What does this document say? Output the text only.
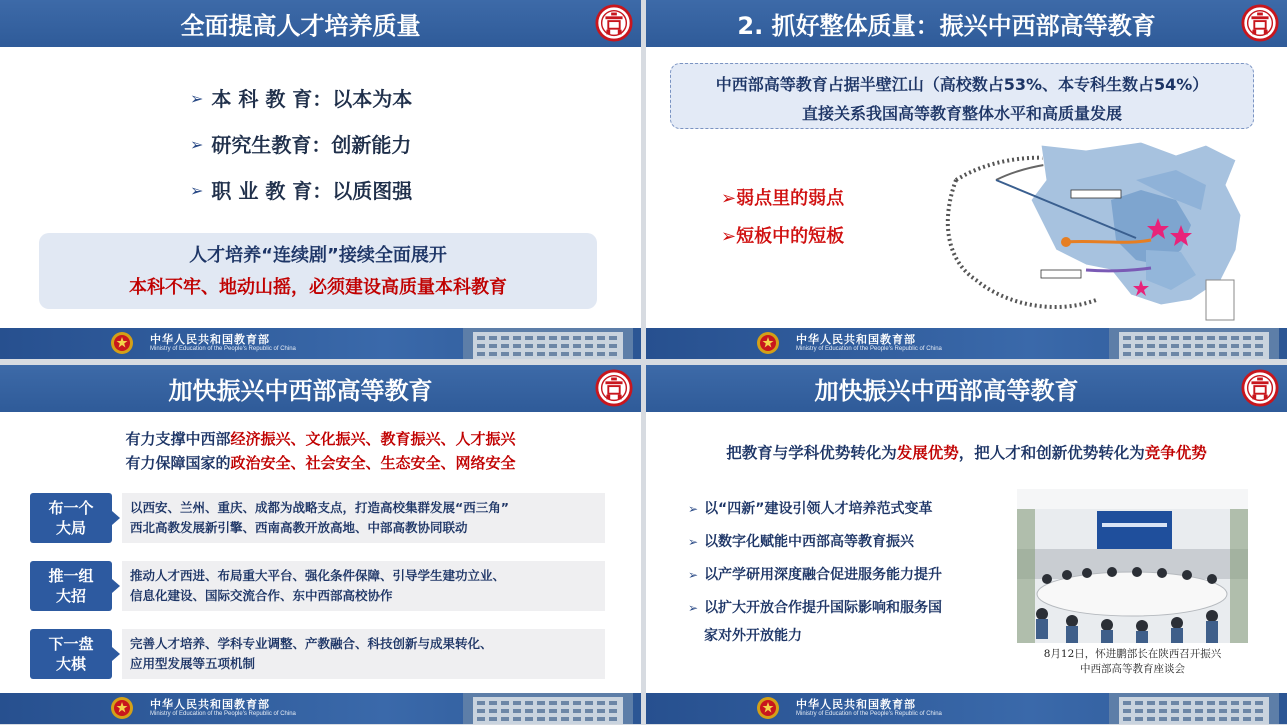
全面提高人才培养质量
➢ 本 科 教 育：以本为本
➢ 研究生教育：创新能力
➢ 职 业 教 育：以质图强
人才培养“连续剧”接续全面展开
本科不牢、地动山摇，必须建设高质量本科教育
中华人民共和国教育部
Ministry of Education of the People's Republic of China
2. 抓好整体质量：振兴中西部高等教育
中西部高等教育占据半壁江山（高校数占53%、本专科生数占54%）
直接关系我国高等教育整体水平和高质量发展
➢弱点里的弱点
➢短板中的短板
中华人民共和国教育部
Ministry of Education of the People's Republic of China
加快振兴中西部高等教育
有力支撑中西部经济振兴、文化振兴、教育振兴、人才振兴
有力保障国家的政治安全、社会安全、生态安全、网络安全
布一个
大局
以西安、兰州、重庆、成都为战略支点，打造高校集群发展“西三角”
西北高教发展新引擎、西南高教开放高地、中部高教协同联动
推一组
大招
推动人才西进、布局重大平台、强化条件保障、引导学生建功立业、
信息化建设、国际交流合作、东中西部高校协作
下一盘
大棋
完善人才培养、学科专业调整、产教融合、科技创新与成果转化、
应用型发展等五项机制
中华人民共和国教育部
Ministry of Education of the People's Republic of China
加快振兴中西部高等教育
把教育与学科优势转化为发展优势，把人才和创新优势转化为竞争优势
➢ 以“四新”建设引领人才培养范式变革
➢ 以数字化赋能中西部高等教育振兴
➢ 以产学研用深度融合促进服务能力提升
➢ 以扩大开放合作提升国际影响和服务国
家对外开放能力
8月12日，怀进鹏部长在陕西召开振兴
中西部高等教育座谈会
中华人民共和国教育部
Ministry of Education of the People's Republic of China
